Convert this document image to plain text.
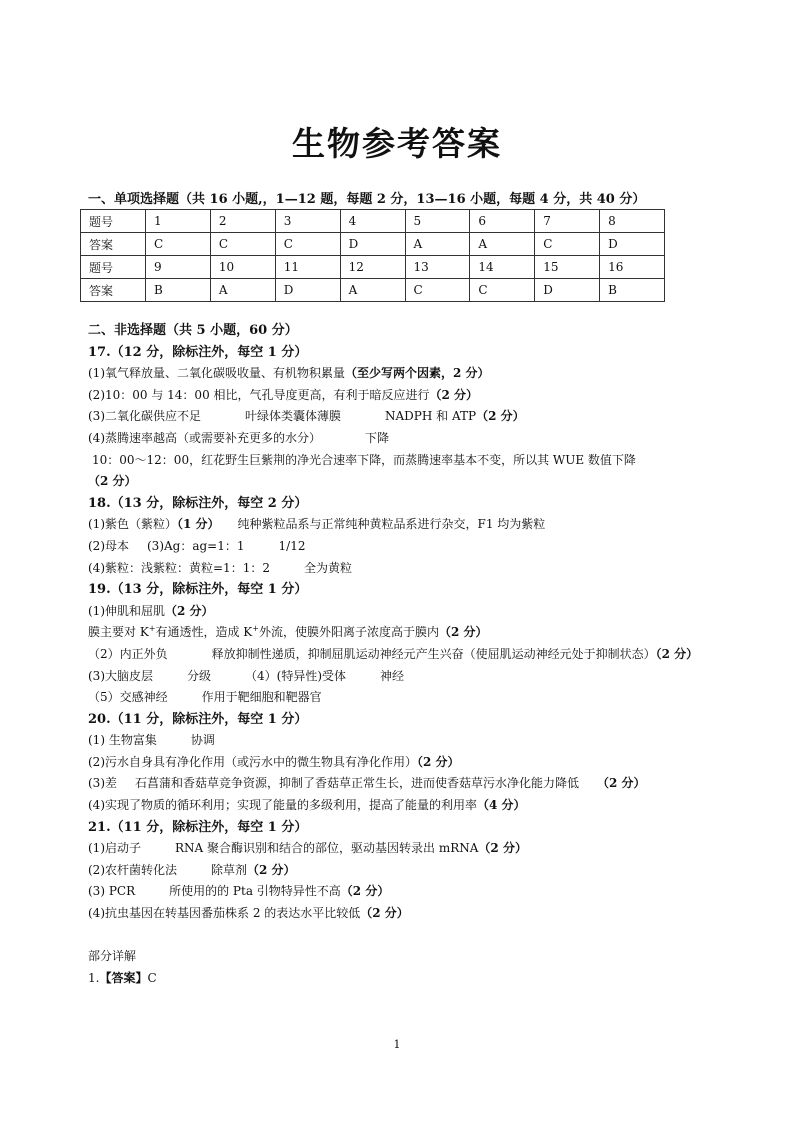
生物参考答案
一、单项选择题（共 16 小题,，1—12 题，每题 2 分，13—16 小题，每题 4 分，共 40 分）
题号	1	2	3	4	5	6	7	8
答案	C	C	C	D	A	A	C	D
题号	9	10	11	12	13	14	15	16
答案	B	A	D	A	C	C	D	B
二、非选择题（共 5 小题，60 分）
17.（12 分，除标注外，每空 1 分）
(1)氧气释放量、二氧化碳吸收量、有机物积累量（至少写两个因素，2 分）
(2)10：00 与 14：00 相比，气孔导度更高，有利于暗反应进行（2 分）
(3)二氧化碳供应不足	叶绿体类囊体薄膜	NADPH 和 ATP（2 分）
(4)蒸腾速率越高（或需要补充更多的水分）	下降
10：00～12：00，红花野生巨紫荆的净光合速率下降，而蒸腾速率基本不变，所以其 WUE 数值下降
（2 分）
18.（13 分，除标注外，每空 2 分）
(1)紫色（紫粒）（1 分） 纯种紫粒品系与正常纯种黄粒品系进行杂交，F1 均为紫粒
(2)母本 (3)Ag：ag=1：1	1/12
(4)紫粒：浅紫粒：黄粒=1：1：2	全为黄粒
19.（13 分，除标注外，每空 1 分）
(1)伸肌和屈肌（2 分）
膜主要对 K+有通透性，造成 K+外流，使膜外阳离子浓度高于膜内（2 分）
（2）内正外负	释放抑制性递质，抑制屈肌运动神经元产生兴奋（使屈肌运动神经元处于抑制状态）（2 分）
(3)大脑皮层	分级	（4）(特异性)受体	神经
（5）交感神经	作用于靶细胞和靶器官
20.（11 分，除标注外，每空 1 分）
(1) 生物富集	协调
(2)污水自身具有净化作用（或污水中的微生物具有净化作用）（2 分）
(3)差 石菖蒲和香菇草竞争资源，抑制了香菇草正常生长，进而使香菇草污水净化能力降低 （2 分）
(4)实现了物质的循环利用；实现了能量的多级利用，提高了能量的利用率（4 分）
21.（11 分，除标注外，每空 1 分）
(1)启动子	RNA 聚合酶识别和结合的部位，驱动基因转录出 mRNA（2 分）
(2)农杆菌转化法	除草剂（2 分）
(3) PCR	所使用的的 Pta 引物特异性不高（2 分）
(4)抗虫基因在转基因番茄株系 2 的表达水平比较低（2 分）
部分详解
1.【答案】C
1
